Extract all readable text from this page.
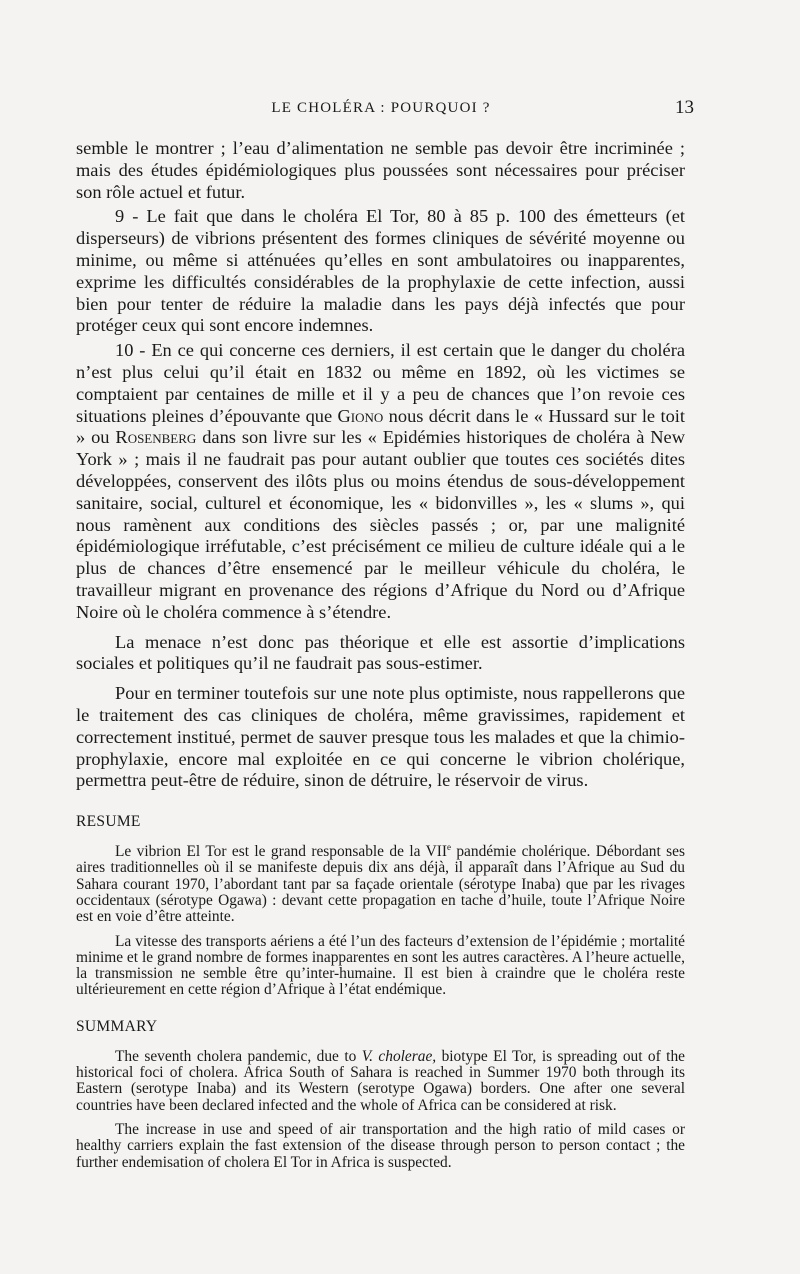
LE CHOLÉRA : POURQUOI ?	13

semble le montrer ; l’eau d’alimentation ne semble pas devoir être incriminée ; mais des études épidémiologiques plus poussées sont nécessaires pour préciser son rôle actuel et futur.

9 - Le fait que dans le choléra El Tor, 80 à 85 p. 100 des émetteurs (et disperseurs) de vibrions présentent des formes cliniques de sévérité moyenne ou minime, ou même si atténuées qu’elles en sont ambulatoires ou inapparentes, exprime les difficultés considérables de la prophylaxie de cette infection, aussi bien pour tenter de réduire la maladie dans les pays déjà infectés que pour protéger ceux qui sont encore indemnes.

10 - En ce qui concerne ces derniers, il est certain que le danger du choléra n’est plus celui qu’il était en 1832 ou même en 1892, où les victimes se comptaient par centaines de mille et il y a peu de chances que l’on revoie ces situations pleines d’épouvante que Giono nous décrit dans le « Hussard sur le toit » ou Rosenberg dans son livre sur les « Epidémies historiques de choléra à New York » ; mais il ne faudrait pas pour autant oublier que toutes ces sociétés dites développées, conservent des ilôts plus ou moins étendus de sous-développement sanitaire, social, culturel et économique, les « bidonvilles », les « slums », qui nous ramènent aux conditions des siècles passés ; or, par une malignité épidémiologique irréfutable, c’est précisément ce milieu de culture idéale qui a le plus de chances d’être ensemencé par le meilleur véhicule du choléra, le travailleur migrant en provenance des régions d’Afrique du Nord ou d’Afrique Noire où le choléra commence à s’étendre.

La menace n’est donc pas théorique et elle est assortie d’implications sociales et politiques qu’il ne faudrait pas sous-estimer.

Pour en terminer toutefois sur une note plus optimiste, nous rappellerons que le traitement des cas cliniques de choléra, même gravissimes, rapidement et correctement institué, permet de sauver presque tous les malades et que la chimio-prophylaxie, encore mal exploitée en ce qui concerne le vibrion cholérique, permettra peut-être de réduire, sinon de détruire, le réservoir de virus.

RESUME

Le vibrion El Tor est le grand responsable de la VIIe pandémie cholérique. Débordant ses aires traditionnelles où il se manifeste depuis dix ans déjà, il apparaît dans l’Afrique au Sud du Sahara courant 1970, l’abordant tant par sa façade orientale (sérotype Inaba) que par les rivages occidentaux (sérotype Ogawa) : devant cette propagation en tache d’huile, toute l’Afrique Noire est en voie d’être atteinte.

La vitesse des transports aériens a été l’un des facteurs d’extension de l’épidémie ; mortalité minime et le grand nombre de formes inapparentes en sont les autres caractères. A l’heure actuelle, la transmission ne semble être qu’inter-humaine. Il est bien à craindre que le choléra reste ultérieurement en cette région d’Afrique à l’état endémique.

SUMMARY

The seventh cholera pandemic, due to V. cholerae, biotype El Tor, is spreading out of the historical foci of cholera. Africa South of Sahara is reached in Summer 1970 both through its Eastern (serotype Inaba) and its Western (serotype Ogawa) borders. One after one several countries have been declared infected and the whole of Africa can be considered at risk.

The increase in use and speed of air transportation and the high ratio of mild cases or healthy carriers explain the fast extension of the disease through person to person contact ; the further endemisation of cholera El Tor in Africa is suspected.
